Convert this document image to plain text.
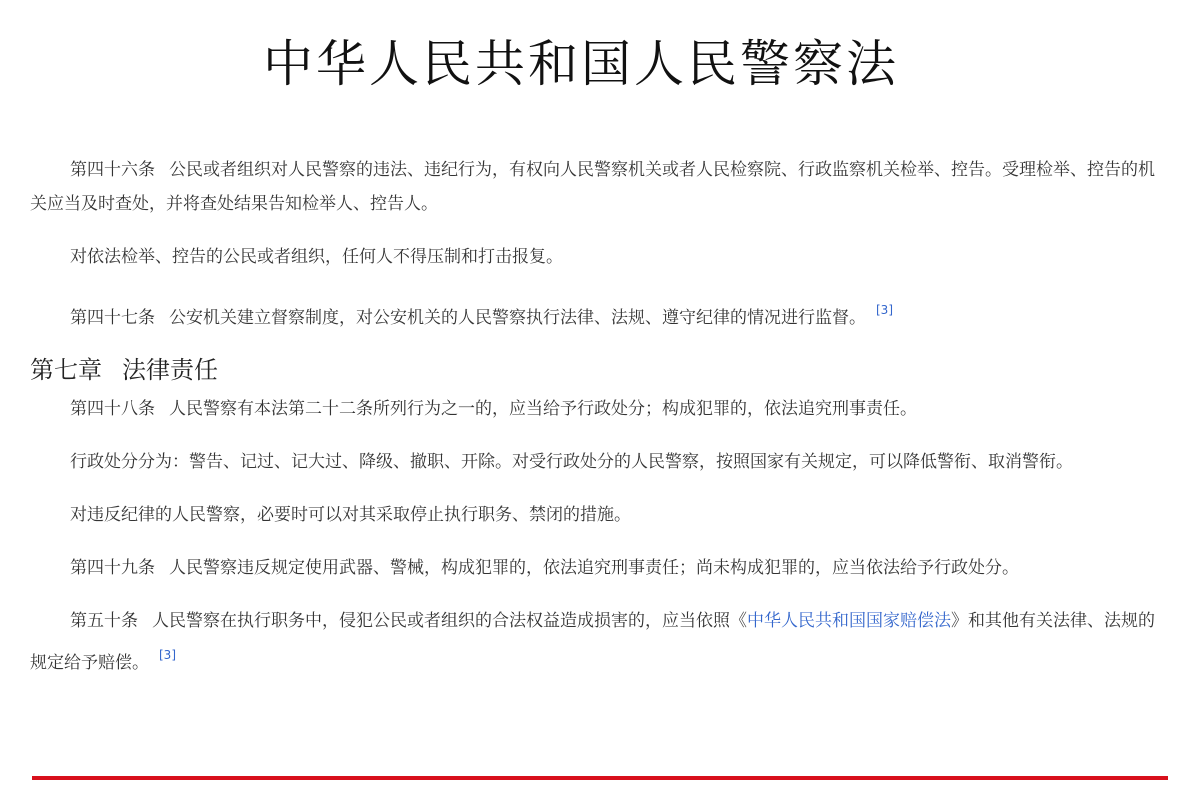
中华人民共和国人民警察法

第四十六条 公民或者组织对人民警察的违法、违纪行为，有权向人民警察机关或者人民检察院、行政监察机关检举、控告。受理检举、控告的机关应当及时查处，并将查处结果告知检举人、控告人。

对依法检举、控告的公民或者组织，任何人不得压制和打击报复。

第四十七条 公安机关建立督察制度，对公安机关的人民警察执行法律、法规、遵守纪律的情况进行监督。 [3]

第七章 法律责任

第四十八条 人民警察有本法第二十二条所列行为之一的，应当给予行政处分；构成犯罪的，依法追究刑事责任。

行政处分分为：警告、记过、记大过、降级、撤职、开除。对受行政处分的人民警察，按照国家有关规定，可以降低警衔、取消警衔。

对违反纪律的人民警察，必要时可以对其采取停止执行职务、禁闭的措施。

第四十九条 人民警察违反规定使用武器、警械，构成犯罪的，依法追究刑事责任；尚未构成犯罪的，应当依法给予行政处分。

第五十条 人民警察在执行职务中，侵犯公民或者组织的合法权益造成损害的，应当依照《中华人民共和国国家赔偿法》和其他有关法律、法规的规定给予赔偿。 [3]
